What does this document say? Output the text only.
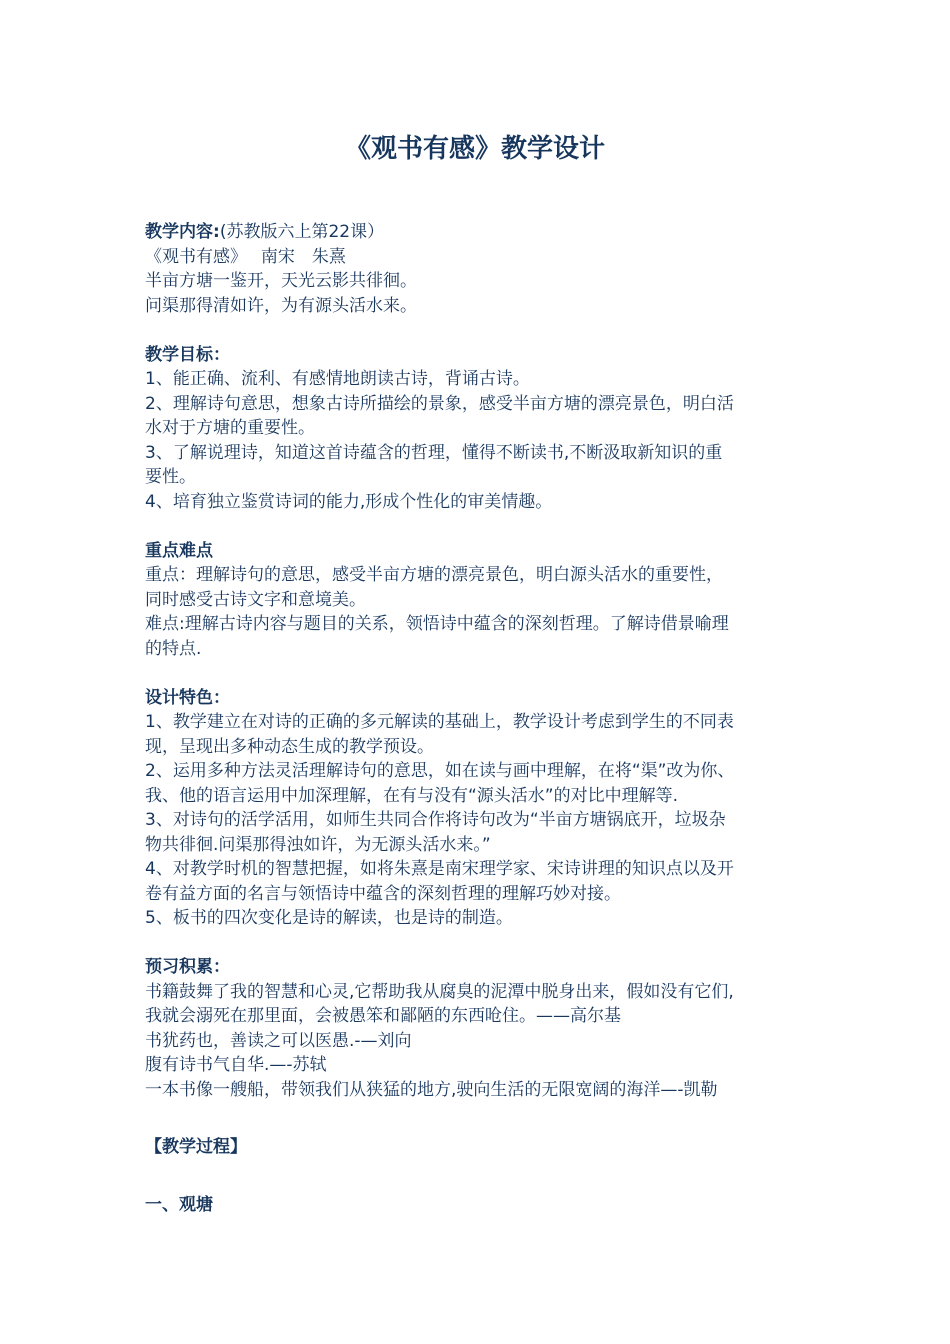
《观书有感》教学设计
教学内容:(苏教版六上第22课）
《观书有感》　 南宋　朱熹
半亩方塘一鉴开，天光云影共徘徊。
问渠那得清如许，为有源头活水来。
教学目标：
1、能正确、流利、有感情地朗读古诗，背诵古诗。
2、理解诗句意思，想象古诗所描绘的景象，感受半亩方塘的漂亮景色，明白活
水对于方塘的重要性。
3、了解说理诗，知道这首诗蕴含的哲理，懂得不断读书,不断汲取新知识的重
要性。
4、培育独立鉴赏诗词的能力,形成个性化的审美情趣。
重点难点
重点：理解诗句的意思，感受半亩方塘的漂亮景色，明白源头活水的重要性，
同时感受古诗文字和意境美。
难点:理解古诗内容与题目的关系，领悟诗中蕴含的深刻哲理。了解诗借景喻理
的特点.
设计特色：
1、教学建立在对诗的正确的多元解读的基础上，教学设计考虑到学生的不同表
现，呈现出多种动态生成的教学预设。
2、运用多种方法灵活理解诗句的意思，如在读与画中理解，在将“渠”改为你、
我、他的语言运用中加深理解，在有与没有“源头活水”的对比中理解等.
3、对诗句的活学活用，如师生共同合作将诗句改为“半亩方塘锅底开，垃圾杂
物共徘徊.问渠那得浊如许，为无源头活水来。”
4、对教学时机的智慧把握，如将朱熹是南宋理学家、宋诗讲理的知识点以及开
卷有益方面的名言与领悟诗中蕴含的深刻哲理的理解巧妙对接。
5、板书的四次变化是诗的解读，也是诗的制造。
预习积累：
书籍鼓舞了我的智慧和心灵,它帮助我从腐臭的泥潭中脱身出来，假如没有它们,
我就会溺死在那里面，会被愚笨和鄙陋的东西呛住。——高尔基
书犹药也，善读之可以医愚.-—刘向
腹有诗书气自华.—-苏轼
一本书像一艘船，带领我们从狭猛的地方,驶向生活的无限宽阔的海洋—-凯勒
【教学过程】
一、观塘
